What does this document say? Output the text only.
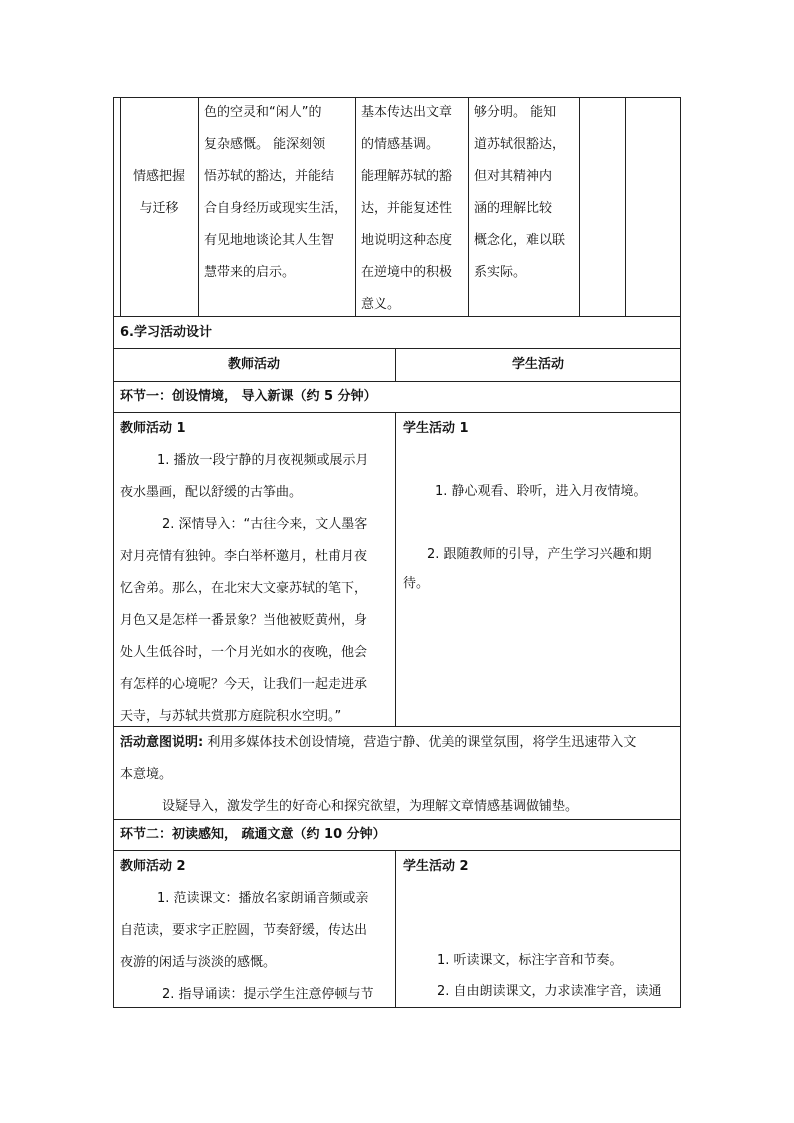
情感把握
与迁移
色的空灵和“闲人”的
复杂感慨。 能深刻领
悟苏轼的豁达，并能结
合自身经历或现实生活，
有见地地谈论其人生智
慧带来的启示。
基本传达出文章
的情感基调。
能理解苏轼的豁
达，并能复述性
地说明这种态度
在逆境中的积极
意义。
够分明。 能知
道苏轼很豁达，
但对其精神内
涵的理解比较
概念化，难以联
系实际。
6.学习活动设计
教师活动	学生活动
环节一：创设情境， 导入新课（约 5 分钟）
教师活动 1
1. 播放一段宁静的月夜视频或展示月
夜水墨画，配以舒缓的古筝曲。
2. 深情导入：“古往今来，文人墨客
对月亮情有独钟。李白举杯邀月，杜甫月夜
忆舍弟。那么，在北宋大文豪苏轼的笔下，
月色又是怎样一番景象？当他被贬黄州，身
处人生低谷时，一个月光如水的夜晚，他会
有怎样的心境呢？今天，让我们一起走进承
天寺，与苏轼共赏那方庭院积水空明。”
学生活动 1
1. 静心观看、聆听，进入月夜情境。
2. 跟随教师的引导，产生学习兴趣和期
待。
活动意图说明: 利用多媒体技术创设情境，营造宁静、优美的课堂氛围，将学生迅速带入文
本意境。
设疑导入，激发学生的好奇心和探究欲望，为理解文章情感基调做铺垫。
环节二：初读感知， 疏通文意（约 10 分钟）
教师活动 2
1. 范读课文：播放名家朗诵音频或亲
自范读，要求字正腔圆，节奏舒缓，传达出
夜游的闲适与淡淡的感慨。
2. 指导诵读：提示学生注意停顿与节
学生活动 2
1. 听读课文，标注字音和节奏。
2. 自由朗读课文，力求读准字音，读通
